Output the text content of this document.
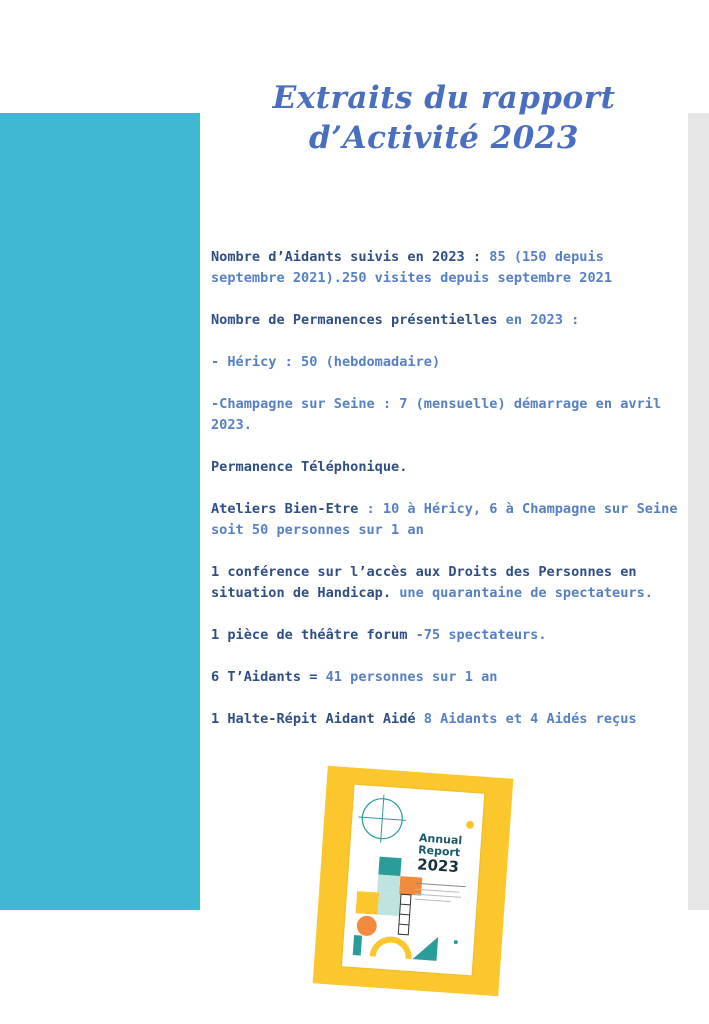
Extraits du rapport
d’Activité 2023

Nombre d’Aidants suivis en 2023 : 85 (150 depuis septembre 2021).250 visites depuis septembre 2021

Nombre de Permanences présentielles en 2023 :

- Héricy : 50 (hebdomadaire)

-Champagne sur Seine : 7 (mensuelle) démarrage en avril 2023.

Permanence Téléphonique.

Ateliers Bien-Etre : 10 à Héricy, 6 à Champagne sur Seine soit 50 personnes sur 1 an

1 conférence sur l’accès aux Droits des Personnes en situation de Handicap. une quarantaine de spectateurs.

1 pièce de théâtre forum -75 spectateurs.

6 T’Aidants = 41 personnes sur 1 an

1 Halte-Répit Aidant Aidé 8 Aidants et 4 Aidés reçus

Annual
Report
2023
